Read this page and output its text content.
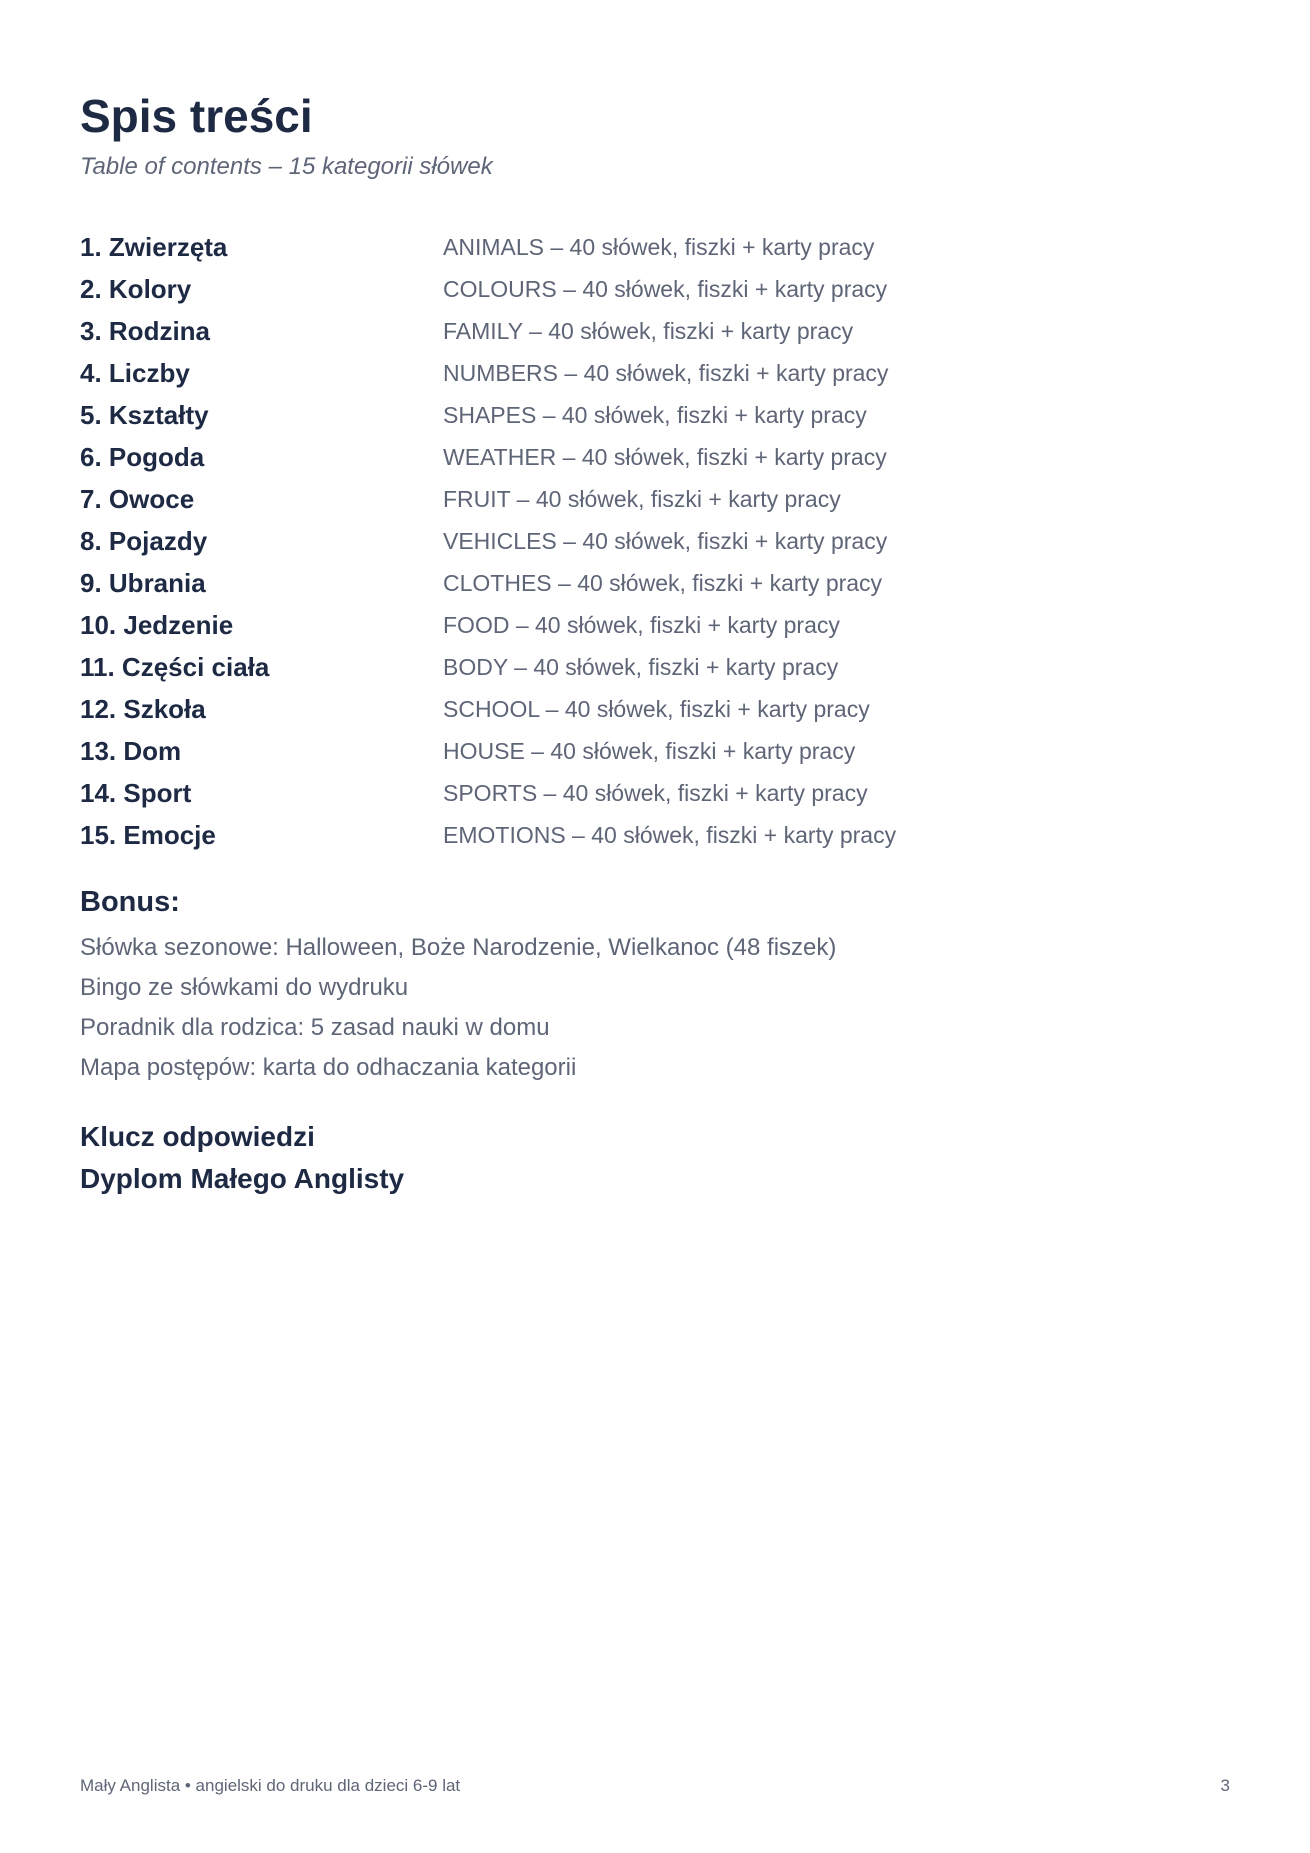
Spis treści

Table of contents – 15 kategorii słówek

1. Zwierzęta	ANIMALS – 40 słówek, fiszki + karty pracy
2. Kolory	COLOURS – 40 słówek, fiszki + karty pracy
3. Rodzina	FAMILY – 40 słówek, fiszki + karty pracy
4. Liczby	NUMBERS – 40 słówek, fiszki + karty pracy
5. Kształty	SHAPES – 40 słówek, fiszki + karty pracy
6. Pogoda	WEATHER – 40 słówek, fiszki + karty pracy
7. Owoce	FRUIT – 40 słówek, fiszki + karty pracy
8. Pojazdy	VEHICLES – 40 słówek, fiszki + karty pracy
9. Ubrania	CLOTHES – 40 słówek, fiszki + karty pracy
10. Jedzenie	FOOD – 40 słówek, fiszki + karty pracy
11. Części ciała	BODY – 40 słówek, fiszki + karty pracy
12. Szkoła	SCHOOL – 40 słówek, fiszki + karty pracy
13. Dom	HOUSE – 40 słówek, fiszki + karty pracy
14. Sport	SPORTS – 40 słówek, fiszki + karty pracy
15. Emocje	EMOTIONS – 40 słówek, fiszki + karty pracy
Bonus:
Słówka sezonowe: Halloween, Boże Narodzenie, Wielkanoc (48 fiszek)
Bingo ze słówkami do wydruku
Poradnik dla rodzica: 5 zasad nauki w domu
Mapa postępów: karta do odhaczania kategorii
Klucz odpowiedzi
Dyplom Małego Anglisty
Mały Anglista • angielski do druku dla dzieci 6-9 lat	3
